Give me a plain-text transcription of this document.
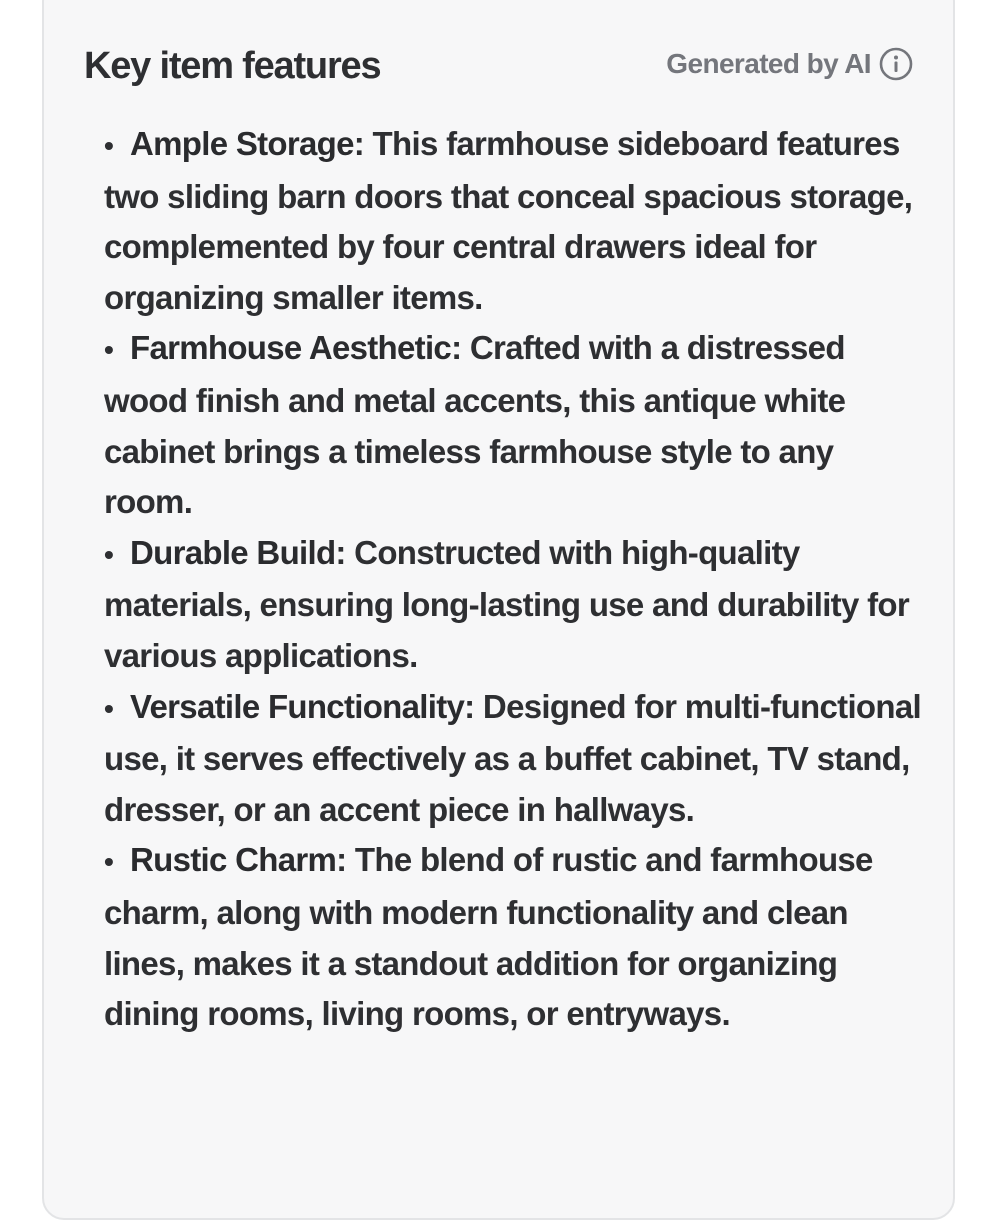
Key item features	Generated by AI
• Ample Storage: This farmhouse sideboard features two sliding barn doors that conceal spacious storage, complemented by four central drawers ideal for organizing smaller items.
• Farmhouse Aesthetic: Crafted with a distressed wood finish and metal accents, this antique white cabinet brings a timeless farmhouse style to any room.
• Durable Build: Constructed with high-quality materials, ensuring long-lasting use and durability for various applications.
• Versatile Functionality: Designed for multi-functional use, it serves effectively as a buffet cabinet, TV stand, dresser, or an accent piece in hallways.
• Rustic Charm: The blend of rustic and farmhouse charm, along with modern functionality and clean lines, makes it a standout addition for organizing dining rooms, living rooms, or entryways.
